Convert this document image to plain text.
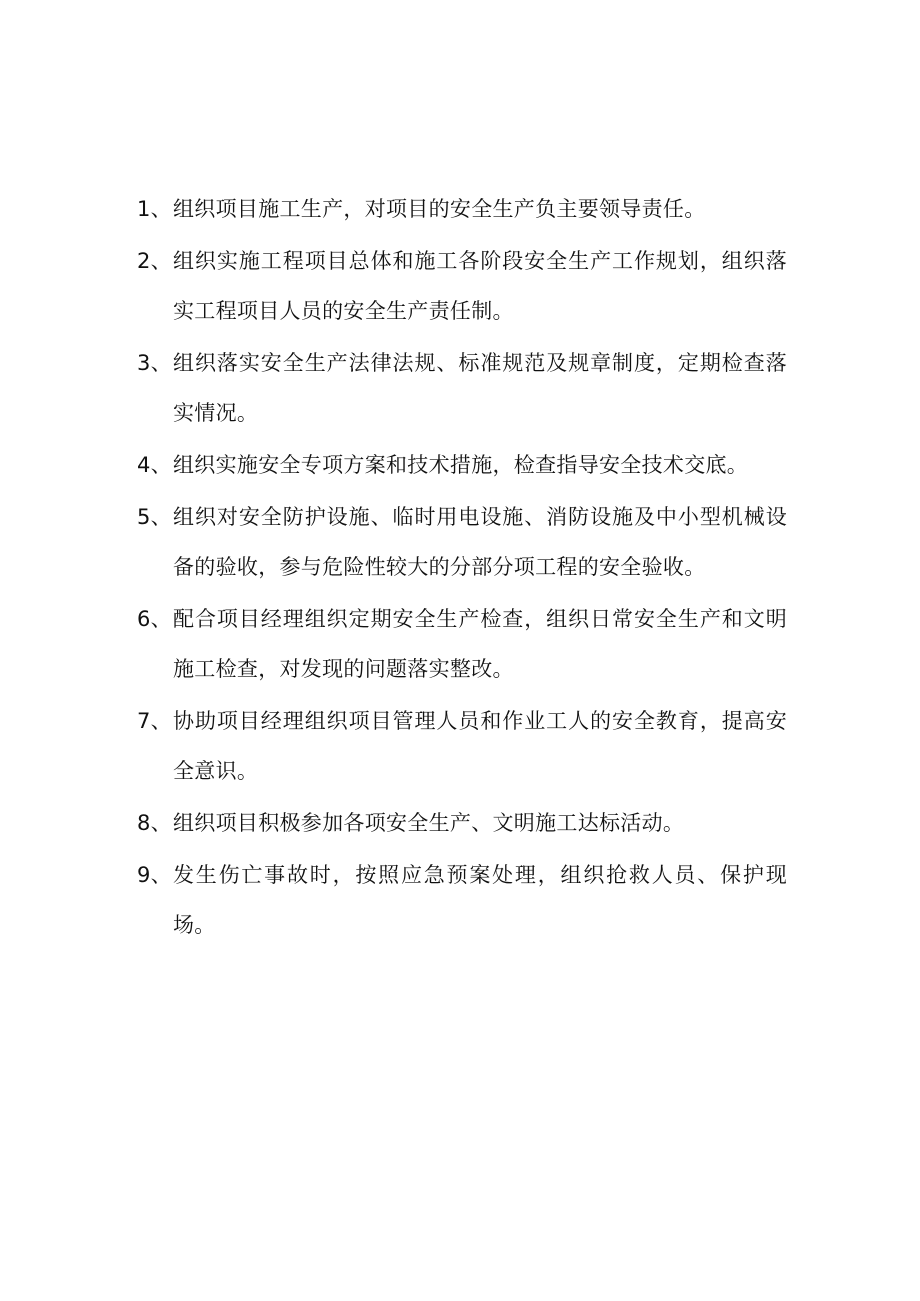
1、 组织项目施工生产，对项目的安全生产负主要领导责任。
2、 组织实施工程项目总体和施工各阶段安全生产工作规划，组织落实工程项目人员的安全生产责任制。
3、 组织落实安全生产法律法规、标准规范及规章制度，定期检查落实情况。
4、 组织实施安全专项方案和技术措施，检查指导安全技术交底。
5、 组织对安全防护设施、临时用电设施、消防设施及中小型机械设备的验收，参与危险性较大的分部分项工程的安全验收。
6、 配合项目经理组织定期安全生产检查，组织日常安全生产和文明施工检查，对发现的问题落实整改。
7、 协助项目经理组织项目管理人员和作业工人的安全教育，提高安全意识。
8、 组织项目积极参加各项安全生产、文明施工达标活动。
9、 发生伤亡事故时，按照应急预案处理，组织抢救人员、保护现场。
